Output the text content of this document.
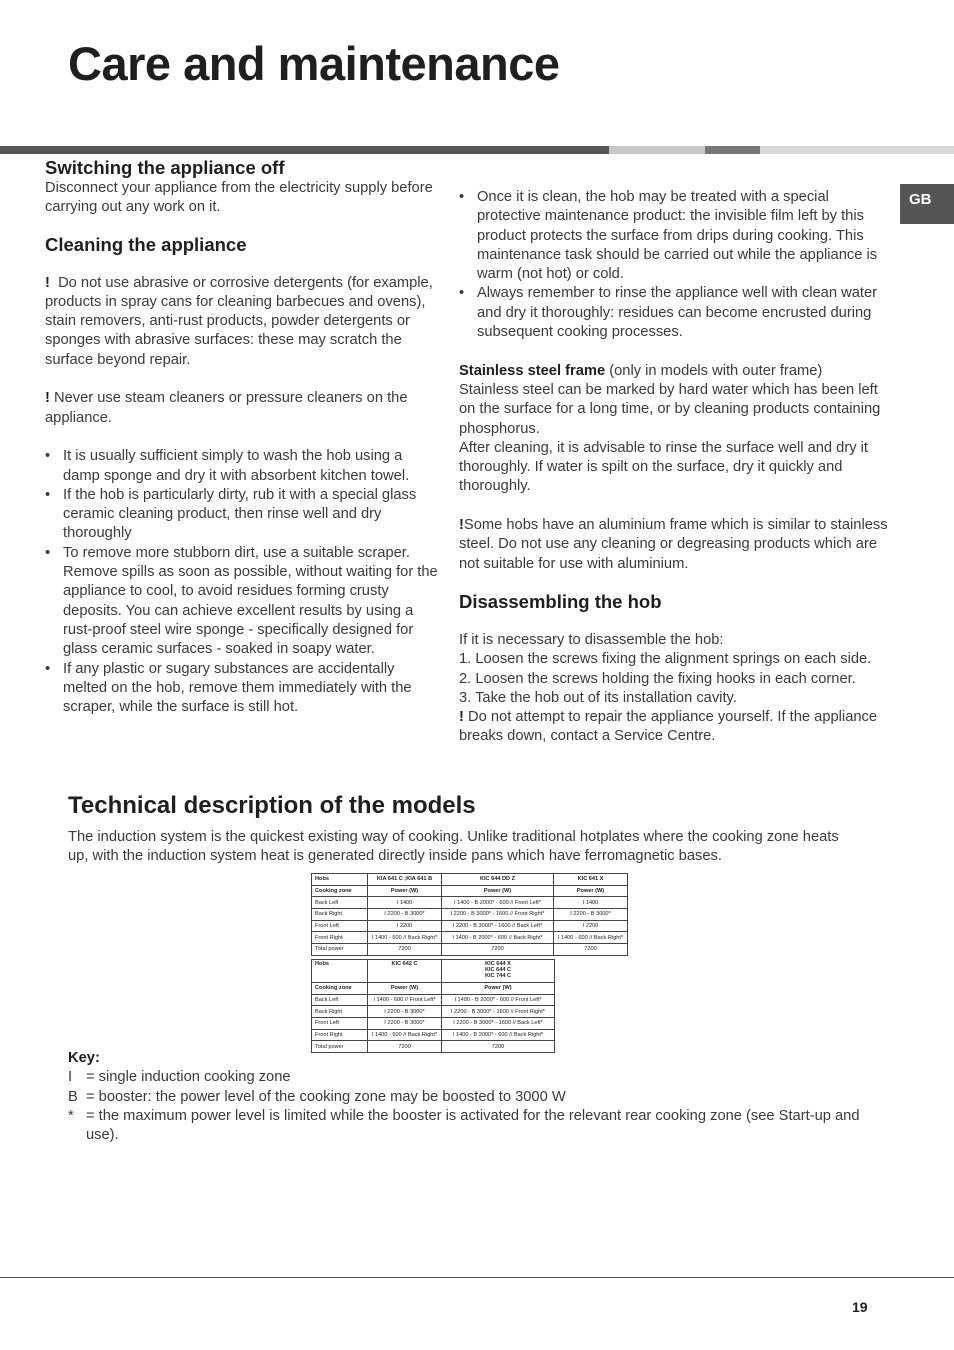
Care and maintenance
GB
Switching the appliance off

Disconnect your appliance from the electricity supply before carrying out any work on it.

Cleaning the appliance

! Do not use abrasive or corrosive detergents (for example, products in spray cans for cleaning barbecues and ovens), stain removers, anti-rust products, powder detergents or sponges with abrasive surfaces: these may scratch the surface beyond repair.

! Never use steam cleaners or pressure cleaners on the appliance.

• It is usually sufficient simply to wash the hob using a damp sponge and dry it with absorbent kitchen towel.
• If the hob is particularly dirty, rub it with a special glass ceramic cleaning product, then rinse well and dry thoroughly
• To remove more stubborn dirt, use a suitable scraper. Remove spills as soon as possible, without waiting for the appliance to cool, to avoid residues forming crusty deposits. You can achieve excellent results by using a rust-proof steel wire sponge - specifically designed for glass ceramic surfaces - soaked in soapy water.
• If any plastic or sugary substances are accidentally melted on the hob, remove them immediately with the scraper, while the surface is still hot.
• Once it is clean, the hob may be treated with a special protective maintenance product: the invisible film left by this product protects the surface from drips during cooking. This maintenance task should be carried out while the appliance is warm (not hot) or cold.
• Always remember to rinse the appliance well with clean water and dry it thoroughly: residues can become encrusted during subsequent cooking processes.

Stainless steel frame (only in models with outer frame)

Stainless steel can be marked by hard water which has been left on the surface for a long time, or by cleaning products containing phosphorus.

After cleaning, it is advisable to rinse the surface well and dry it thoroughly. If water is spilt on the surface, dry it quickly and thoroughly.

!Some hobs have an aluminium frame which is similar to stainless steel. Do not use any cleaning or degreasing products which are not suitable for use with aluminium.

Disassembling the hob

If it is necessary to disassemble the hob:

1. Loosen the screws fixing the alignment springs on each side.

2. Loosen the screws holding the fixing hooks in each corner.

3. Take the hob out of its installation cavity.

! Do not attempt to repair the appliance yourself. If the appliance breaks down, contact a Service Centre.

Technical description of the models

The induction system is the quickest existing way of cooking. Unlike traditional hotplates where the cooking zone heats up, with the induction system heat is generated directly inside pans which have ferromagnetic bases.

Hobs	KIA 641 C ;KIA 641 B	KIC 644 DD Z	KIC 641 X
Cooking zone	Power (W)	Power (W)	Power (W)
Back Left	I 1400	I 1400 - B 2000* - 600 // Front Left*	I 1400
Back Right	I 2200 - B 3000*	I 2200 - B 3000* - 1600 // Front Right*	I 2200 - B 3000*
Front Left	I 2200	I 2200 - B 3000* - 1600 // Back Left*	I 2200
Front Right	I 1400 - 600 // Back Right*	I 1400 - B 2000* - 600 // Back Right*	I 1400 - 600 // Back Right*
Total power	7200	7200	7200
Hobs	KIC 642 C	KIC 644 X
KIC 644 C
KIC 744 C
Cooking zone	Power (W)	Power (W)
Back Left	I 1400 - 600 // Front Left*	I 1400 - B 2000* - 600 // Front Left*
Back Right	I 2200 - B 3000*	I 2200 - B 3000* - 1600 // Front Right*
Front Left	I 2200 - B 3000*	I 2200 - B 3000* - 1600 // Back Left*
Front Right	I 1400 - 600 // Back Right*	I 1400 - B 2000* - 600 // Back Right*
Total power	7200	7200
Key:
I = single induction cooking zone
B = booster: the power level of the cooking zone may be boosted to 3000 W
* = the maximum power level is limited while the booster is activated for the relevant rear cooking zone (see Start-up and use).
19
